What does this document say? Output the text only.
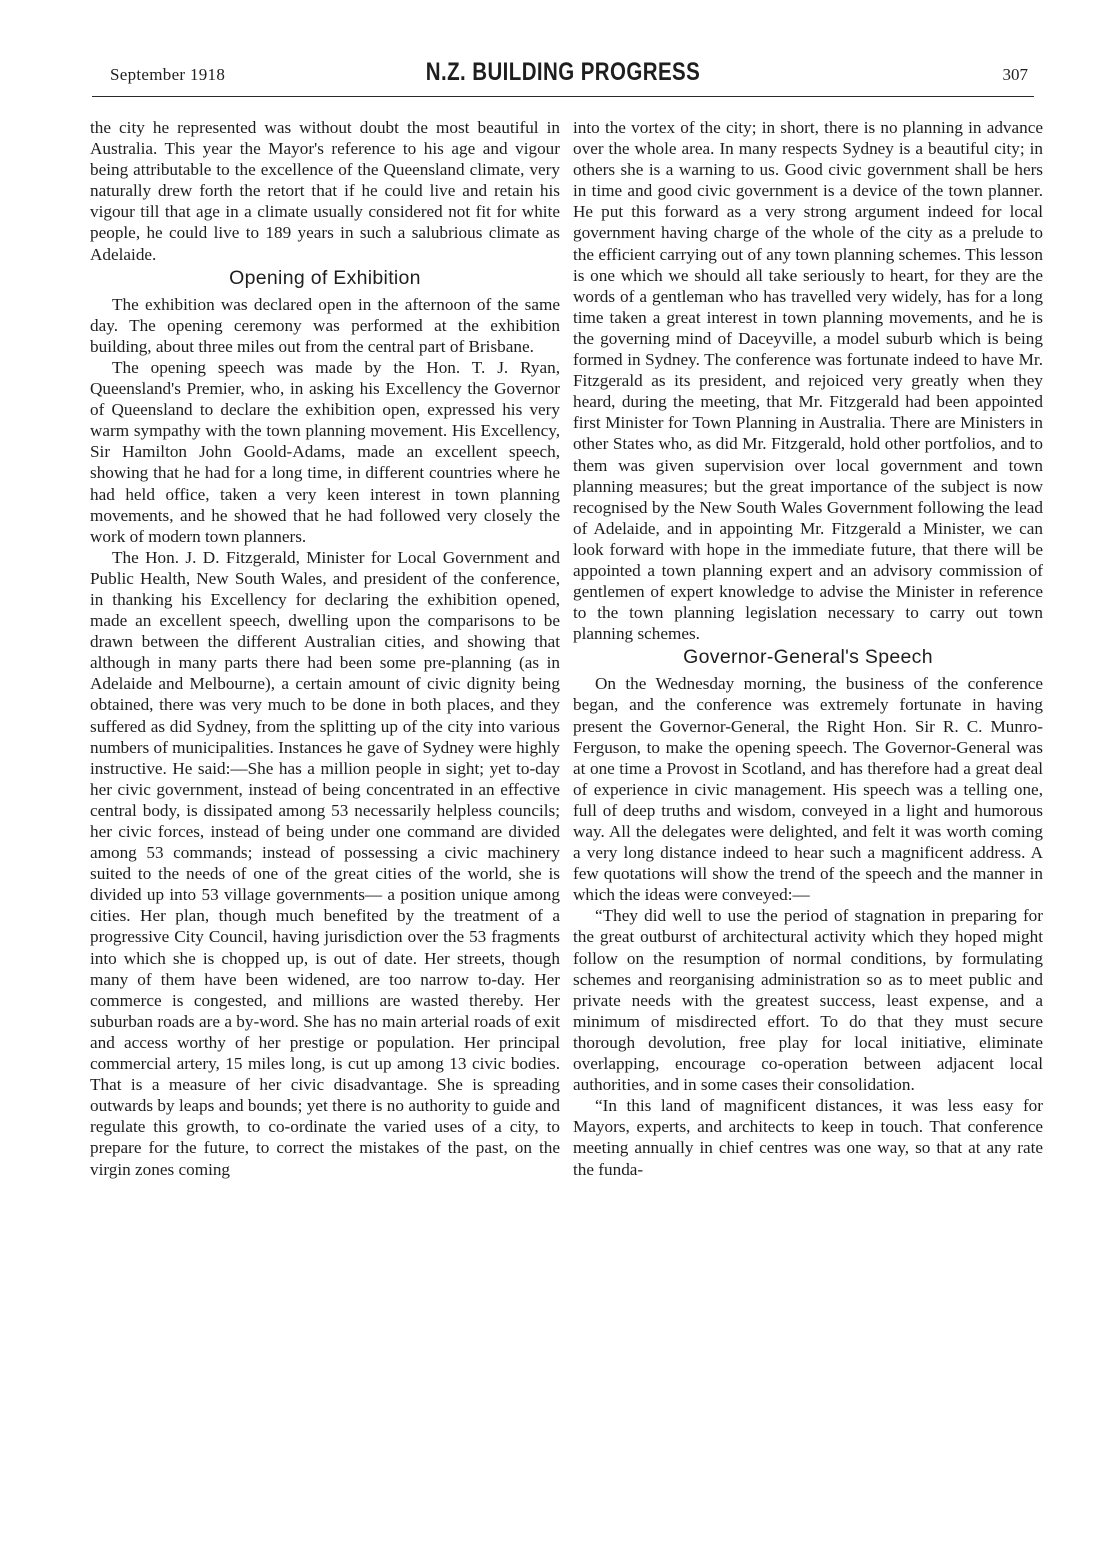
September 1918	N.Z. BUILDING PROGRESS	307

the city he represented was without doubt the most beautiful in Australia. This year the Mayor's reference to his age and vigour being attributable to the excellence of the Queensland climate, very naturally drew forth the retort that if he could live and retain his vigour till that age in a climate usually considered not fit for white people, he could live to 189 years in such a salubrious climate as Adelaide.

Opening of Exhibition

The exhibition was declared open in the afternoon of the same day. The opening ceremony was performed at the exhibition building, about three miles out from the central part of Brisbane.

The opening speech was made by the Hon. T. J. Ryan, Queensland's Premier, who, in asking his Excellency the Governor of Queensland to declare the exhibition open, expressed his very warm sympathy with the town planning movement. His Excellency, Sir Hamilton John Goold-Adams, made an excellent speech, showing that he had for a long time, in different countries where he had held office, taken a very keen interest in town planning movements, and he showed that he had followed very closely the work of modern town planners.

The Hon. J. D. Fitzgerald, Minister for Local Government and Public Health, New South Wales, and president of the conference, in thanking his Excellency for declaring the exhibition opened, made an excellent speech, dwelling upon the comparisons to be drawn between the different Australian cities, and showing that although in many parts there had been some pre-planning (as in Adelaide and Melbourne), a certain amount of civic dignity being obtained, there was very much to be done in both places, and they suffered as did Sydney, from the splitting up of the city into various numbers of municipalities. Instances he gave of Sydney were highly instructive. He said:—She has a million people in sight; yet to-day her civic government, instead of being concentrated in an effective central body, is dissipated among 53 necessarily helpless councils; her civic forces, instead of being under one command are divided among 53 commands; instead of possessing a civic machinery suited to the needs of one of the great cities of the world, she is divided up into 53 village governments— a position unique among cities. Her plan, though much benefited by the treatment of a progressive City Council, having jurisdiction over the 53 fragments into which she is chopped up, is out of date. Her streets, though many of them have been widened, are too narrow to-day. Her commerce is congested, and millions are wasted thereby. Her suburban roads are a by-word. She has no main arterial roads of exit and access worthy of her prestige or population. Her principal commercial artery, 15 miles long, is cut up among 13 civic bodies. That is a measure of her civic disadvantage. She is spreading outwards by leaps and bounds; yet there is no authority to guide and regulate this growth, to co-ordinate the varied uses of a city, to prepare for the future, to correct the mistakes of the past, on the virgin zones coming

into the vortex of the city; in short, there is no planning in advance over the whole area. In many respects Sydney is a beautiful city; in others she is a warning to us. Good civic government shall be hers in time and good civic government is a device of the town planner. He put this forward as a very strong argument indeed for local government having charge of the whole of the city as a prelude to the efficient carrying out of any town planning schemes. This lesson is one which we should all take seriously to heart, for they are the words of a gentleman who has travelled very widely, has for a long time taken a great interest in town planning movements, and he is the governing mind of Daceyville, a model suburb which is being formed in Sydney. The conference was fortunate indeed to have Mr. Fitzgerald as its president, and rejoiced very greatly when they heard, during the meeting, that Mr. Fitzgerald had been appointed first Minister for Town Planning in Australia. There are Ministers in other States who, as did Mr. Fitzgerald, hold other portfolios, and to them was given supervision over local government and town planning measures; but the great importance of the subject is now recognised by the New South Wales Government following the lead of Adelaide, and in appointing Mr. Fitzgerald a Minister, we can look forward with hope in the immediate future, that there will be appointed a town planning expert and an advisory commission of gentlemen of expert knowledge to advise the Minister in reference to the town planning legislation necessary to carry out town planning schemes.

Governor-General's Speech

On the Wednesday morning, the business of the conference began, and the conference was extremely fortunate in having present the Governor-General, the Right Hon. Sir R. C. Munro-Ferguson, to make the opening speech. The Governor-General was at one time a Provost in Scotland, and has therefore had a great deal of experience in civic management. His speech was a telling one, full of deep truths and wisdom, conveyed in a light and humorous way. All the delegates were delighted, and felt it was worth coming a very long distance indeed to hear such a magnificent address. A few quotations will show the trend of the speech and the manner in which the ideas were conveyed:—

“They did well to use the period of stagnation in preparing for the great outburst of architectural activity which they hoped might follow on the resumption of normal conditions, by formulating schemes and reorganising administration so as to meet public and private needs with the greatest success, least expense, and a minimum of misdirected effort. To do that they must secure thorough devolution, free play for local initiative, eliminate overlapping, encourage co-operation between adjacent local authorities, and in some cases their consolidation.

“In this land of magnificent distances, it was less easy for Mayors, experts, and architects to keep in touch. That conference meeting annually in chief centres was one way, so that at any rate the funda-
